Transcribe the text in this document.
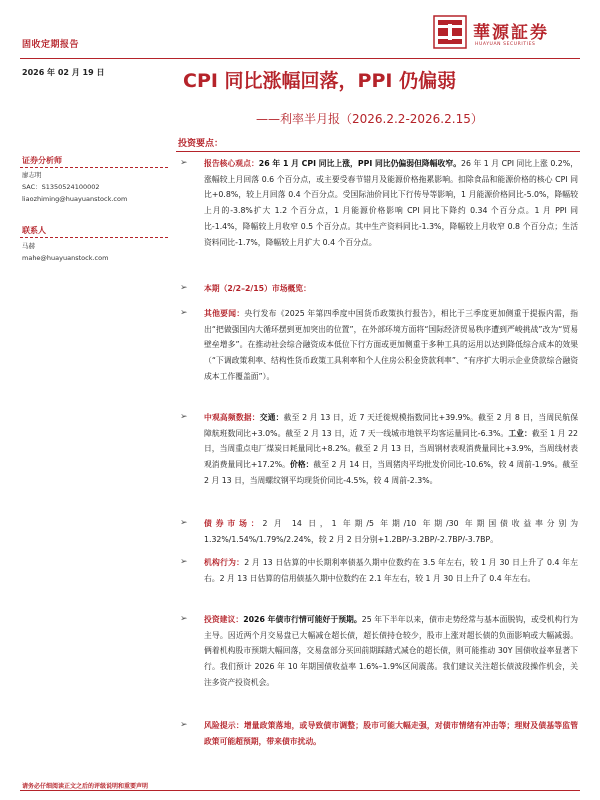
固收定期报告
華源証券
HUAYUAN SECURITIES
2026 年 02 月 19 日	CPI 同比涨幅回落，PPI 仍偏弱
——利率半月报（2026.2.2-2026.2.15）
证券分析师
廖志明
SAC：S1350524100002
liaozhiming@huayuanstock.com
联系人
马赫
mahe@huayuanstock.com
投资要点：
➢ 报告核心观点：26 年 1 月 CPI 同比上涨，PPI 同比仍偏弱但降幅收窄。26 年 1 月 CPI 同比上涨 0.2%，涨幅较上月回落 0.6 个百分点，或主要受春节错月及能源价格拖累影响。扣除食品和能源价格的核心 CPI 同比+0.8%，较上月回落 0.4 个百分点。受国际油价同比下行传导等影响，1 月能源价格同比-5.0%，降幅较上月的-3.8%扩大 1.2 个百分点，1 月能源价格影响 CPI 同比下降约 0.34 个百分点。1 月 PPI 同比-1.4%，降幅较上月收窄 0.5 个百分点。其中生产资料同比-1.3%，降幅较上月收窄 0.8 个百分点；生活资料同比-1.7%，降幅较上月扩大 0.4 个百分点。
➢ 本期（2/2–2/15）市场概览：
➢ 其他要闻：央行发布《2025 年第四季度中国货币政策执行报告》，相比于三季度更加侧重于提振内需，指出“把做强国内大循环摆到更加突出的位置”，在外部环境方面将“国际经济贸易秩序遭到严峻挑战”改为“贸易壁垒增多”。在推动社会综合融资成本低位下行方面或更加侧重于多种工具的运用以达到降低综合成本的效果（“下调政策利率、结构性货币政策工具利率和个人住房公积金贷款利率”、“有序扩大明示企业贷款综合融资成本工作覆盖面”）。
➢ 中观高频数据：交通：截至 2 月 13 日，近 7 天迁徙规模指数同比+39.9%。截至 2 月 8 日，当周民航保障航班数同比+3.0%。截至 2 月 13 日，近 7 天一线城市地铁平均客运量同比-6.3%。工业：截至 1 月 22 日，当周重点电厂煤炭日耗量同比+8.2%。截至 2 月 13 日，当周钢材表观消费量同比+3.9%，当周线材表观消费量同比+17.2%。价格：截至 2 月 14 日，当周猪肉平均批发价同比-10.6%，较 4 周前-1.9%。截至 2 月 13 日，当周螺纹钢平均现货价同比-4.5%，较 4 周前-2.3%。
➢ 债券市场：2 月 14 日，1 年期/5 年期/10 年期/30 年期国债收益率分别为 1.32%/1.54%/1.79%/2.24%，较 2 月 2 日分别+1.2BP/-3.2BP/-2.7BP/-3.7BP。
➢ 机构行为：2 月 13 日估算的中长期利率债基久期中位数约在 3.5 年左右，较 1 月 30 日上升了 0.4 年左右。2 月 13 日估算的信用债基久期中位数约在 2.1 年左右，较 1 月 30 日上升了 0.4 年左右。
➢ 投资建议：2026 年债市行情可能好于预期。25 年下半年以来，债市走势经常与基本面脱钩，或受机构行为主导。因近两个月交易盘已大幅减仓超长债，超长债持仓较少，股市上涨对超长债的负面影响或大幅减弱。俩着机构股市预期大幅回落，交易盘部分买回前期踩踏式减仓的超长债，则可能推动 30Y 国债收益率显著下行。我们预计 2026 年 10 年期国债收益率 1.6%–1.9%区间震荡。我们建议关注超长债波段操作机会，关注多资产投资机会。
➢ 风险提示：增量政策落地，或导致债市调整；股市可能大幅走强，对债市情绪有冲击等；理财及债基等监管政策可能超预期，带来债市扰动。
请务必仔细阅读正文之后的评级说明和重要声明
